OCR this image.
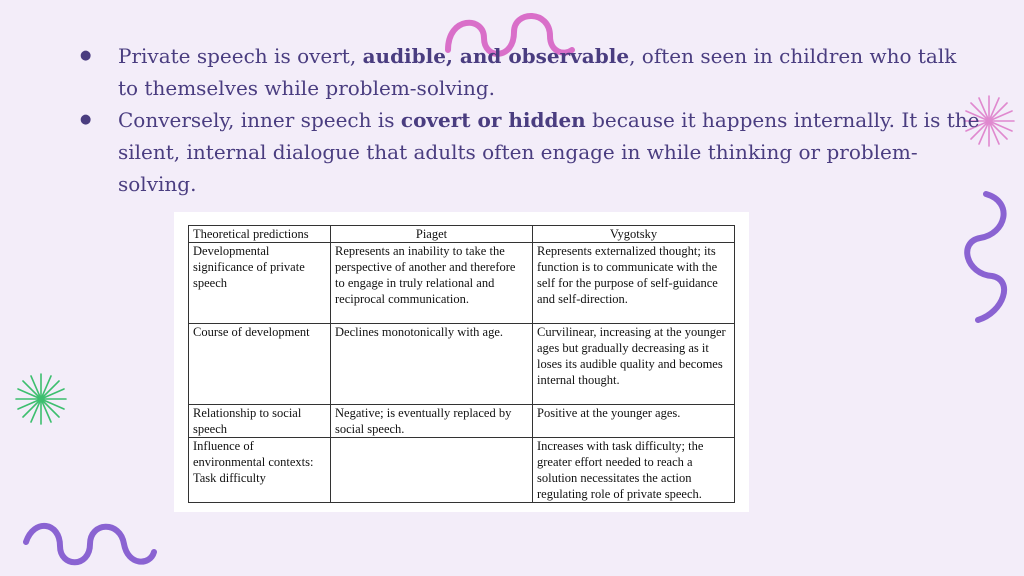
● Private speech is overt, audible, and observable, often seen in children who talk to themselves while problem-solving.
● Conversely, inner speech is covert or hidden because it happens internally. It is the silent, internal dialogue that adults often engage in while thinking or problem-solving.
Theoretical predictions	Piaget	Vygotsky
Developmental significance of private speech	Represents an inability to take the perspective of another and therefore to engage in truly relational and reciprocal communication.	Represents externalized thought; its function is to communicate with the self for the purpose of self-guidance and self-direction.
Course of development	Declines monotonically with age.	Curvilinear, increasing at the younger ages but gradually decreasing as it loses its audible quality and becomes internal thought.
Relationship to social speech	Negative; is eventually replaced by social speech.	Positive at the younger ages.
Influence of environmental contexts: Task difficulty		Increases with task difficulty; the greater effort needed to reach a solution necessitates the action regulating role of private speech.
